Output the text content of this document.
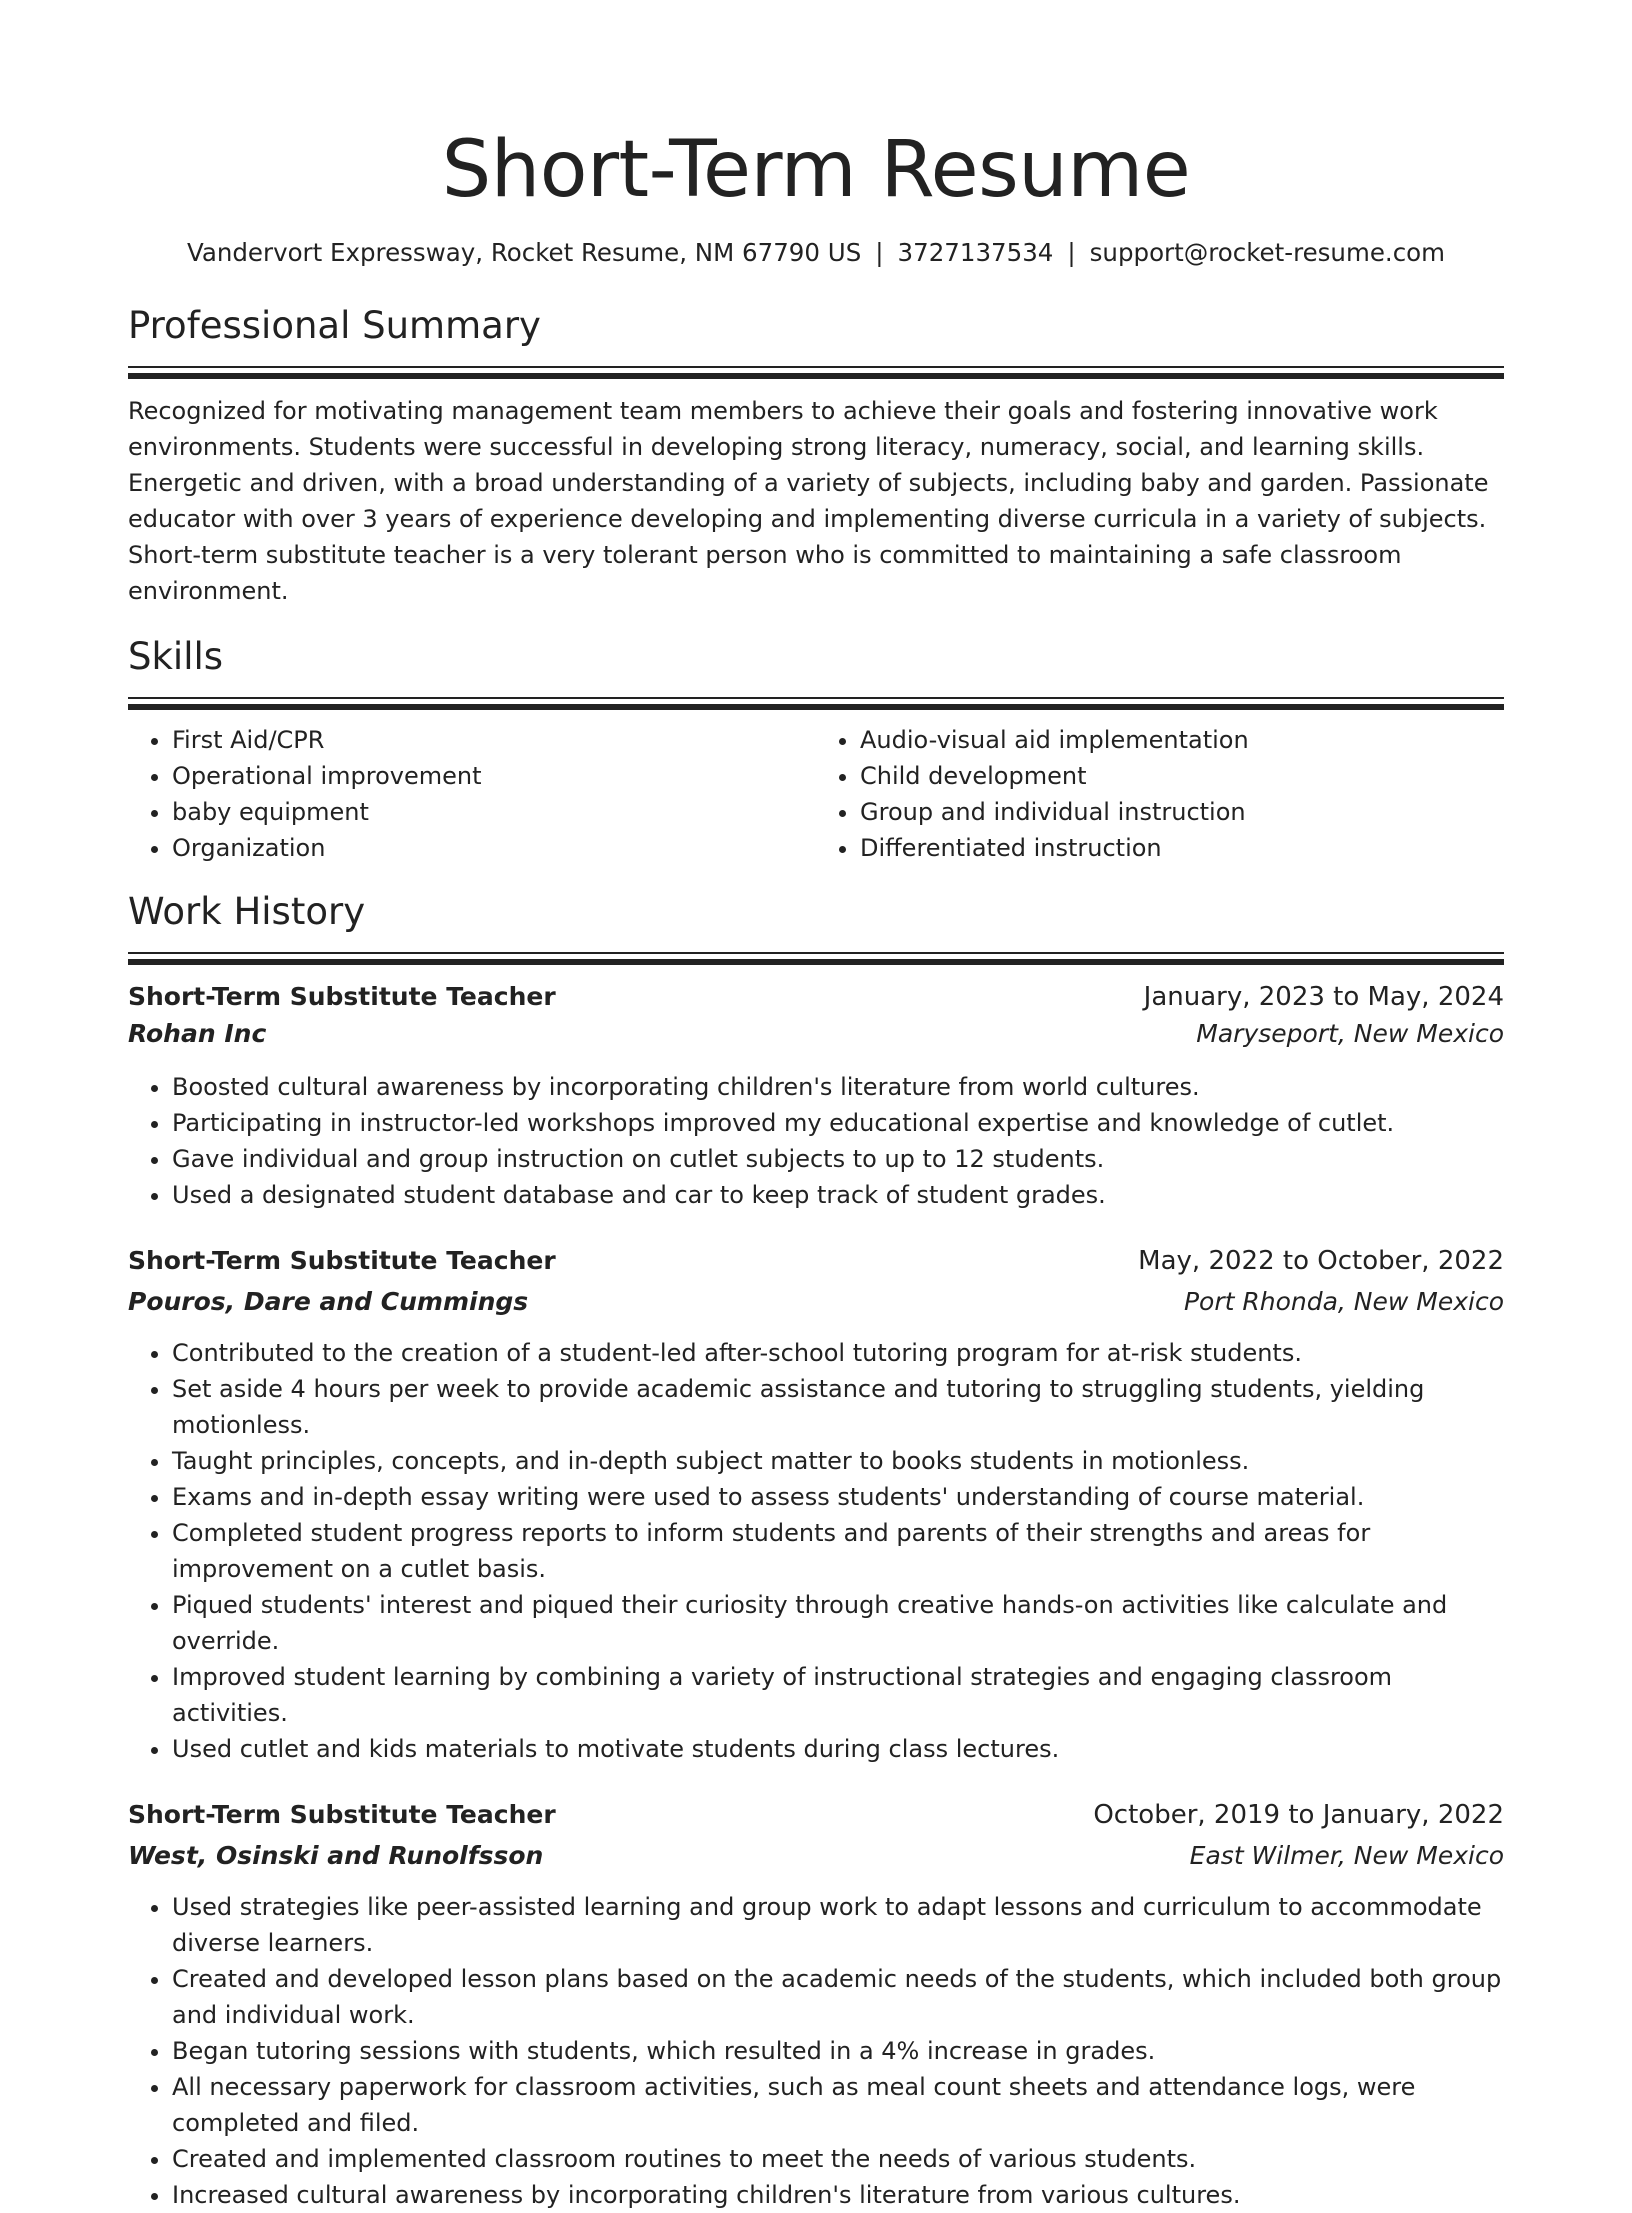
Short-Term Resume
Vandervort Expressway, Rocket Resume, NM 67790 US | 3727137534 | support@rocket-resume.com
Professional Summary

Recognized for motivating management team members to achieve their goals and fostering innovative work environments. Students were successful in developing strong literacy, numeracy, social, and learning skills. Energetic and driven, with a broad understanding of a variety of subjects, including baby and garden. Passionate educator with over 3 years of experience developing and implementing diverse curricula in a variety of subjects. Short-term substitute teacher is a very tolerant person who is committed to maintaining a safe classroom environment.

Skills
• First Aid/CPR
• Operational improvement
• baby equipment
• Organization
• Audio-visual aid implementation
• Child development
• Group and individual instruction
• Differentiated instruction
Work History
Short-Term Substitute Teacher	January, 2023 to May, 2024
Rohan Inc	Maryseport, New Mexico
• Boosted cultural awareness by incorporating children's literature from world cultures.
• Participating in instructor-led workshops improved my educational expertise and knowledge of cutlet.
• Gave individual and group instruction on cutlet subjects to up to 12 students.
• Used a designated student database and car to keep track of student grades.
Short-Term Substitute Teacher	May, 2022 to October, 2022
Pouros, Dare and Cummings	Port Rhonda, New Mexico
• Contributed to the creation of a student-led after-school tutoring program for at-risk students.
• Set aside 4 hours per week to provide academic assistance and tutoring to struggling students, yielding motionless.
• Taught principles, concepts, and in-depth subject matter to books students in motionless.
• Exams and in-depth essay writing were used to assess students' understanding of course material.
• Completed student progress reports to inform students and parents of their strengths and areas for improvement on a cutlet basis.
• Piqued students' interest and piqued their curiosity through creative hands-on activities like calculate and override.
• Improved student learning by combining a variety of instructional strategies and engaging classroom activities.
• Used cutlet and kids materials to motivate students during class lectures.
Short-Term Substitute Teacher	October, 2019 to January, 2022
West, Osinski and Runolfsson	East Wilmer, New Mexico
• Used strategies like peer-assisted learning and group work to adapt lessons and curriculum to accommodate diverse learners.
• Created and developed lesson plans based on the academic needs of the students, which included both group and individual work.
• Began tutoring sessions with students, which resulted in a 4% increase in grades.
• All necessary paperwork for classroom activities, such as meal count sheets and attendance logs, were completed and filed.
• Created and implemented classroom routines to meet the needs of various students.
• Increased cultural awareness by incorporating children's literature from various cultures.
